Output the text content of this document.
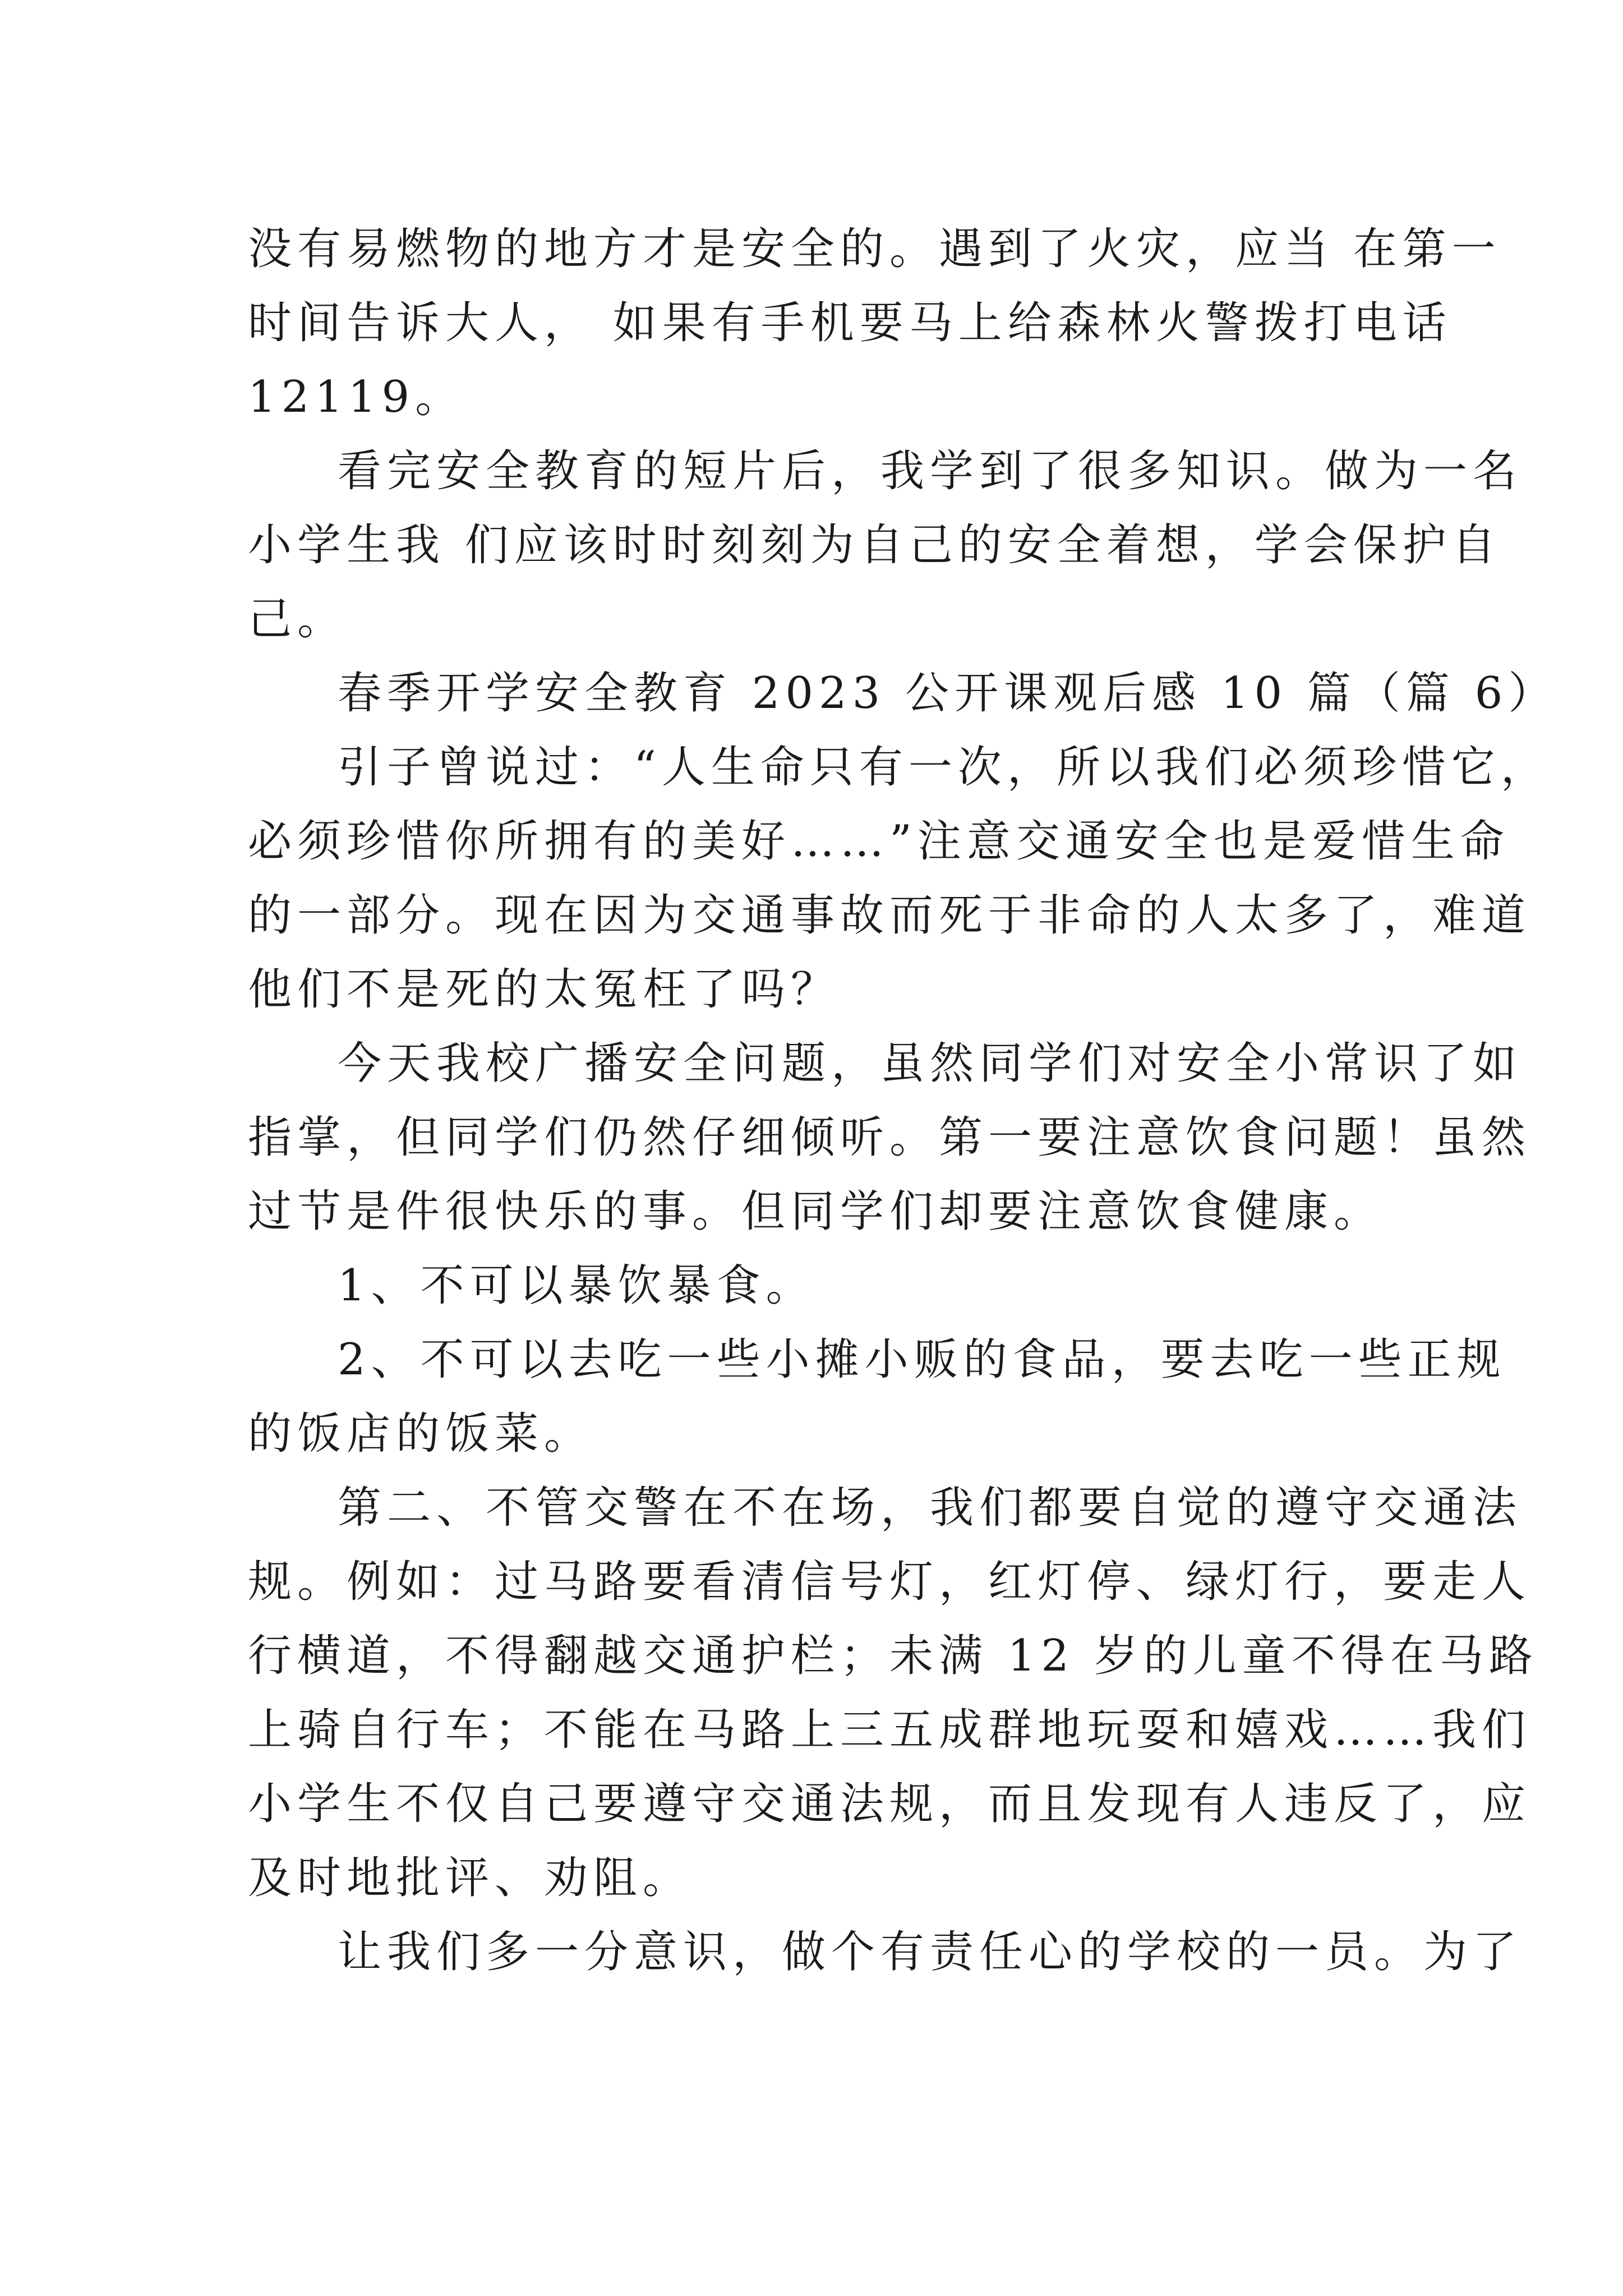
没有易燃物的地方才是安全的。遇到了火灾，应当 在第一
时间告诉大人， 如果有手机要马上给森林火警拨打电话
12119。
看完安全教育的短片后，我学到了很多知识。做为一名
小学生我 们应该时时刻刻为自己的安全着想，学会保护自
己。
春季开学安全教育 2023 公开课观后感 10 篇（篇 6）
引子曾说过：“人生命只有一次，所以我们必须珍惜它，
必须珍惜你所拥有的美好……”注意交通安全也是爱惜生命
的一部分。现在因为交通事故而死于非命的人太多了，难道
他们不是死的太冤枉了吗？
今天我校广播安全问题，虽然同学们对安全小常识了如
指掌，但同学们仍然仔细倾听。第一要注意饮食问题！虽然
过节是件很快乐的事。但同学们却要注意饮食健康。
1、不可以暴饮暴食。
2、不可以去吃一些小摊小贩的食品，要去吃一些正规
的饭店的饭菜。
第二、不管交警在不在场，我们都要自觉的遵守交通法
规。例如：过马路要看清信号灯，红灯停、绿灯行，要走人
行横道，不得翻越交通护栏；未满 12 岁的儿童不得在马路
上骑自行车；不能在马路上三五成群地玩耍和嬉戏……我们
小学生不仅自己要遵守交通法规，而且发现有人违反了，应
及时地批评、劝阻。
让我们多一分意识，做个有责任心的学校的一员。为了
